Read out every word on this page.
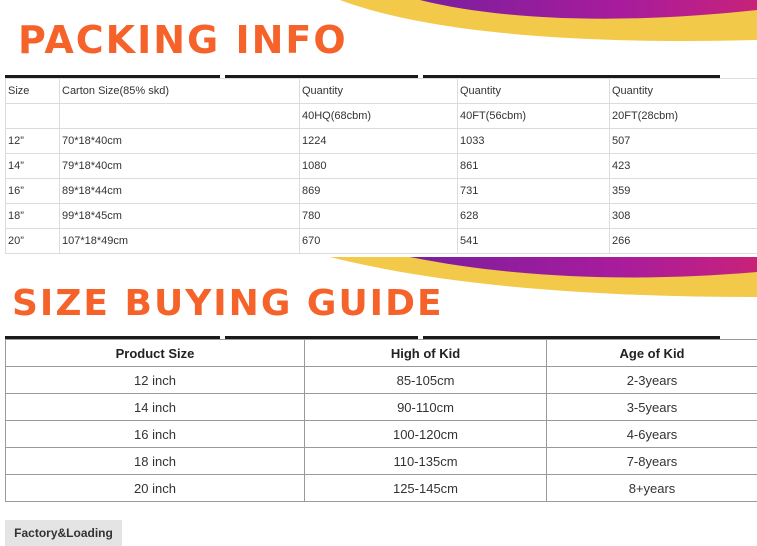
PACKING INFO
Size	Carton Size(85% skd)	Quantity	Quantity	Quantity
		40HQ(68cbm)	40FT(56cbm)	20FT(28cbm)
12”	70*18*40cm	1224	1033	507
14”	79*18*40cm	1080	861	423
16”	89*18*44cm	869	731	359
18”	99*18*45cm	780	628	308
20”	107*18*49cm	670	541	266
SIZE BUYING GUIDE
Product Size	High of Kid	Age of Kid
12 inch	85-105cm	2-3years
14 inch	90-110cm	3-5years
16 inch	100-120cm	4-6years
18 inch	110-135cm	7-8years
20 inch	125-145cm	8+years
Factory&Loading
